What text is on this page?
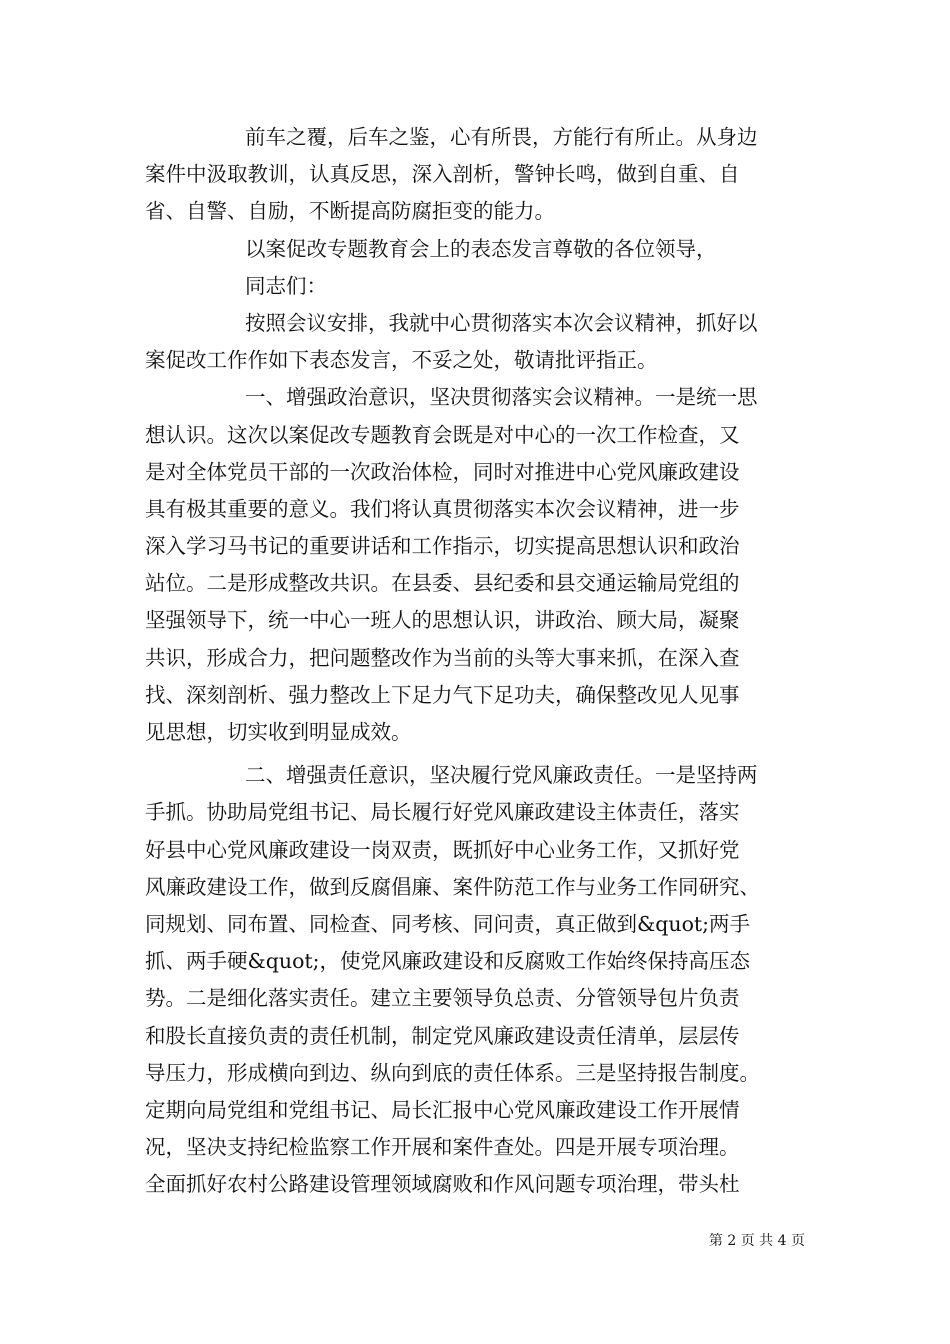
前车之覆，后车之鉴，心有所畏，方能行有所止。从身边
案件中汲取教训，认真反思，深入剖析，警钟长鸣，做到自重、自
省、自警、自励，不断提高防腐拒变的能力。
以案促改专题教育会上的表态发言尊敬的各位领导，
同志们：
按照会议安排，我就中心贯彻落实本次会议精神，抓好以
案促改工作作如下表态发言，不妥之处，敬请批评指正。
一、增强政治意识，坚决贯彻落实会议精神。一是统一思
想认识。这次以案促改专题教育会既是对中心的一次工作检查，又
是对全体党员干部的一次政治体检，同时对推进中心党风廉政建设
具有极其重要的意义。我们将认真贯彻落实本次会议精神，进一步
深入学习马书记的重要讲话和工作指示，切实提高思想认识和政治
站位。二是形成整改共识。在县委、县纪委和县交通运输局党组的
坚强领导下，统一中心一班人的思想认识，讲政治、顾大局，凝聚
共识，形成合力，把问题整改作为当前的头等大事来抓，在深入查
找、深刻剖析、强力整改上下足力气下足功夫，确保整改见人见事
见思想，切实收到明显成效。
二、增强责任意识，坚决履行党风廉政责任。一是坚持两
手抓。协助局党组书记、局长履行好党风廉政建设主体责任，落实
好县中心党风廉政建设一岗双责，既抓好中心业务工作，又抓好党
风廉政建设工作，做到反腐倡廉、案件防范工作与业务工作同研究、
同规划、同布置、同检查、同考核、同问责，真正做到&quot;两手
抓、两手硬&quot;，使党风廉政建设和反腐败工作始终保持高压态
势。二是细化落实责任。建立主要领导负总责、分管领导包片负责
和股长直接负责的责任机制，制定党风廉政建设责任清单，层层传
导压力，形成横向到边、纵向到底的责任体系。三是坚持报告制度。
定期向局党组和党组书记、局长汇报中心党风廉政建设工作开展情
况，坚决支持纪检监察工作开展和案件查处。四是开展专项治理。
全面抓好农村公路建设管理领域腐败和作风问题专项治理，带头杜
第 2 页 共 4 页
